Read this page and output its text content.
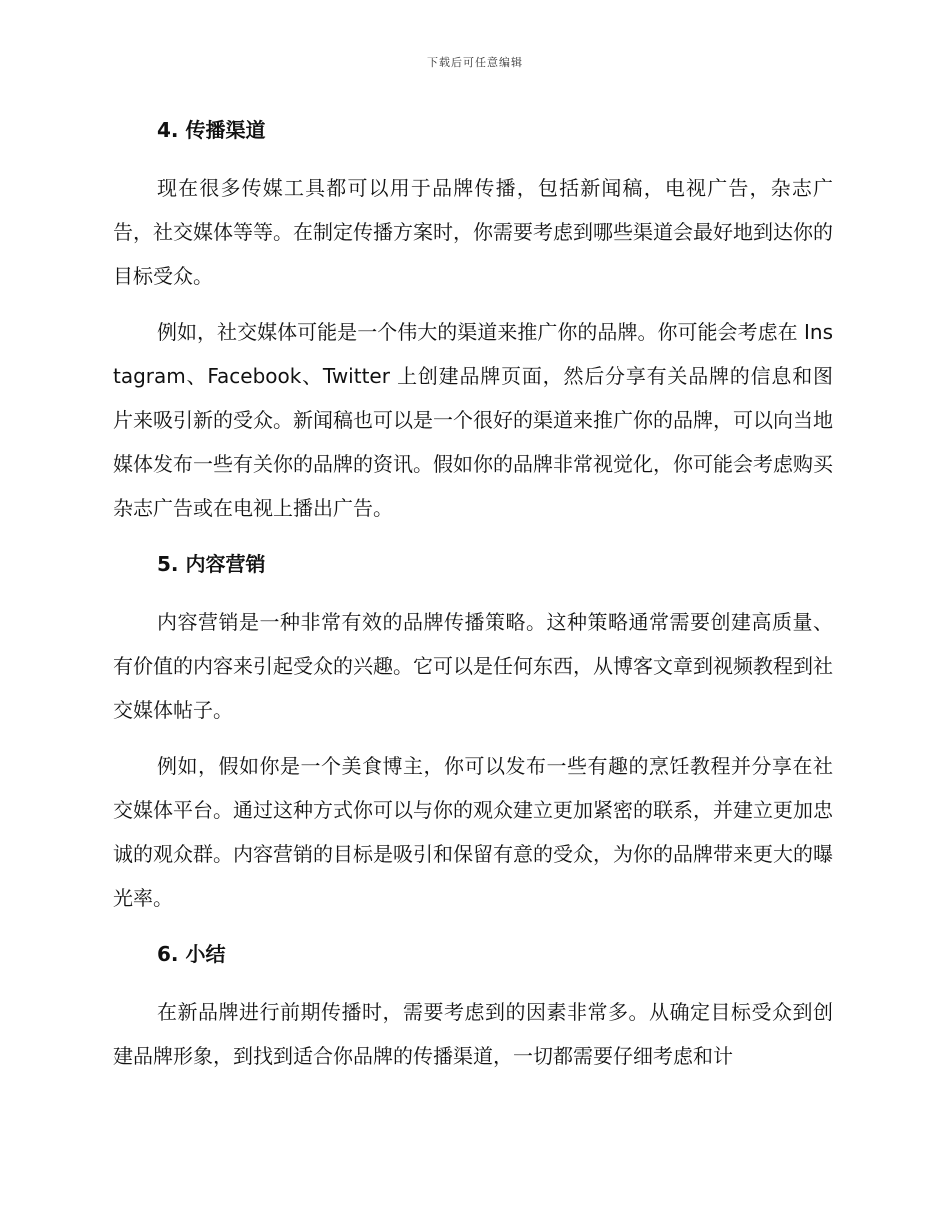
下载后可任意编辑
4. 传播渠道

现在很多传媒工具都可以用于品牌传播，包括新闻稿，电视广告，杂志广告，社交媒体等等。在制定传播方案时，你需要考虑到哪些渠道会最好地到达你的目标受众。

例如，社交媒体可能是一个伟大的渠道来推广你的品牌。你可能会考虑在 Instagram、Facebook、Twitter 上创建品牌页面，然后分享有关品牌的信息和图片来吸引新的受众。新闻稿也可以是一个很好的渠道来推广你的品牌，可以向当地媒体发布一些有关你的品牌的资讯。假如你的品牌非常视觉化，你可能会考虑购买杂志广告或在电视上播出广告。

5. 内容营销

内容营销是一种非常有效的品牌传播策略。这种策略通常需要创建高质量、有价值的内容来引起受众的兴趣。它可以是任何东西，从博客文章到视频教程到社交媒体帖子。

例如，假如你是一个美食博主，你可以发布一些有趣的烹饪教程并分享在社交媒体平台。通过这种方式你可以与你的观众建立更加紧密的联系，并建立更加忠诚的观众群。内容营销的目标是吸引和保留有意的受众，为你的品牌带来更大的曝光率。

6. 小结

在新品牌进行前期传播时，需要考虑到的因素非常多。从确定目标受众到创建品牌形象，到找到适合你品牌的传播渠道，一切都需要仔细考虑和计
